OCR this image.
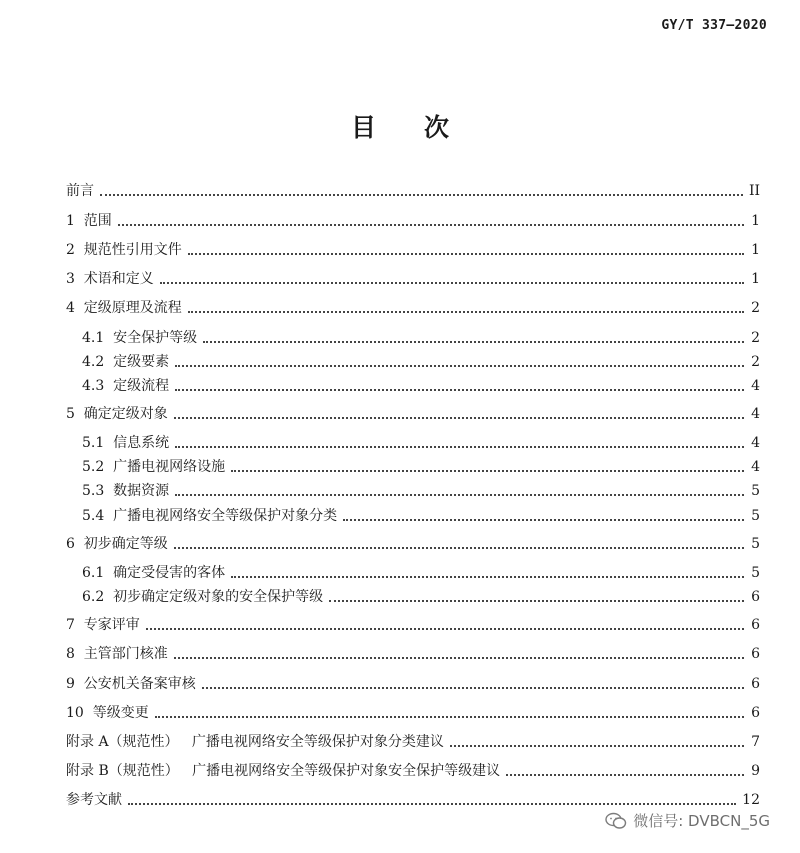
GY/T 337—2020
目 次
前言	II
1  范围	1
2  规范性引用文件	1
3  术语和定义	1
4  定级原理及流程	2
4.1  安全保护等级	2
4.2  定级要素	2
4.3  定级流程	4
5  确定定级对象	4
5.1  信息系统	4
5.2  广播电视网络设施	4
5.3  数据资源	5
5.4  广播电视网络安全等级保护对象分类	5
6  初步确定等级	5
6.1  确定受侵害的客体	5
6.2  初步确定定级对象的安全保护等级	6
7  专家评审	6
8  主管部门核准	6
9  公安机关备案审核	6
10  等级变更	6
附录 A（规范性）   广播电视网络安全等级保护对象分类建议	7
附录 B（规范性）   广播电视网络安全等级保护对象安全保护等级建议	9
参考文献	12
微信号: DVBCN_5G
